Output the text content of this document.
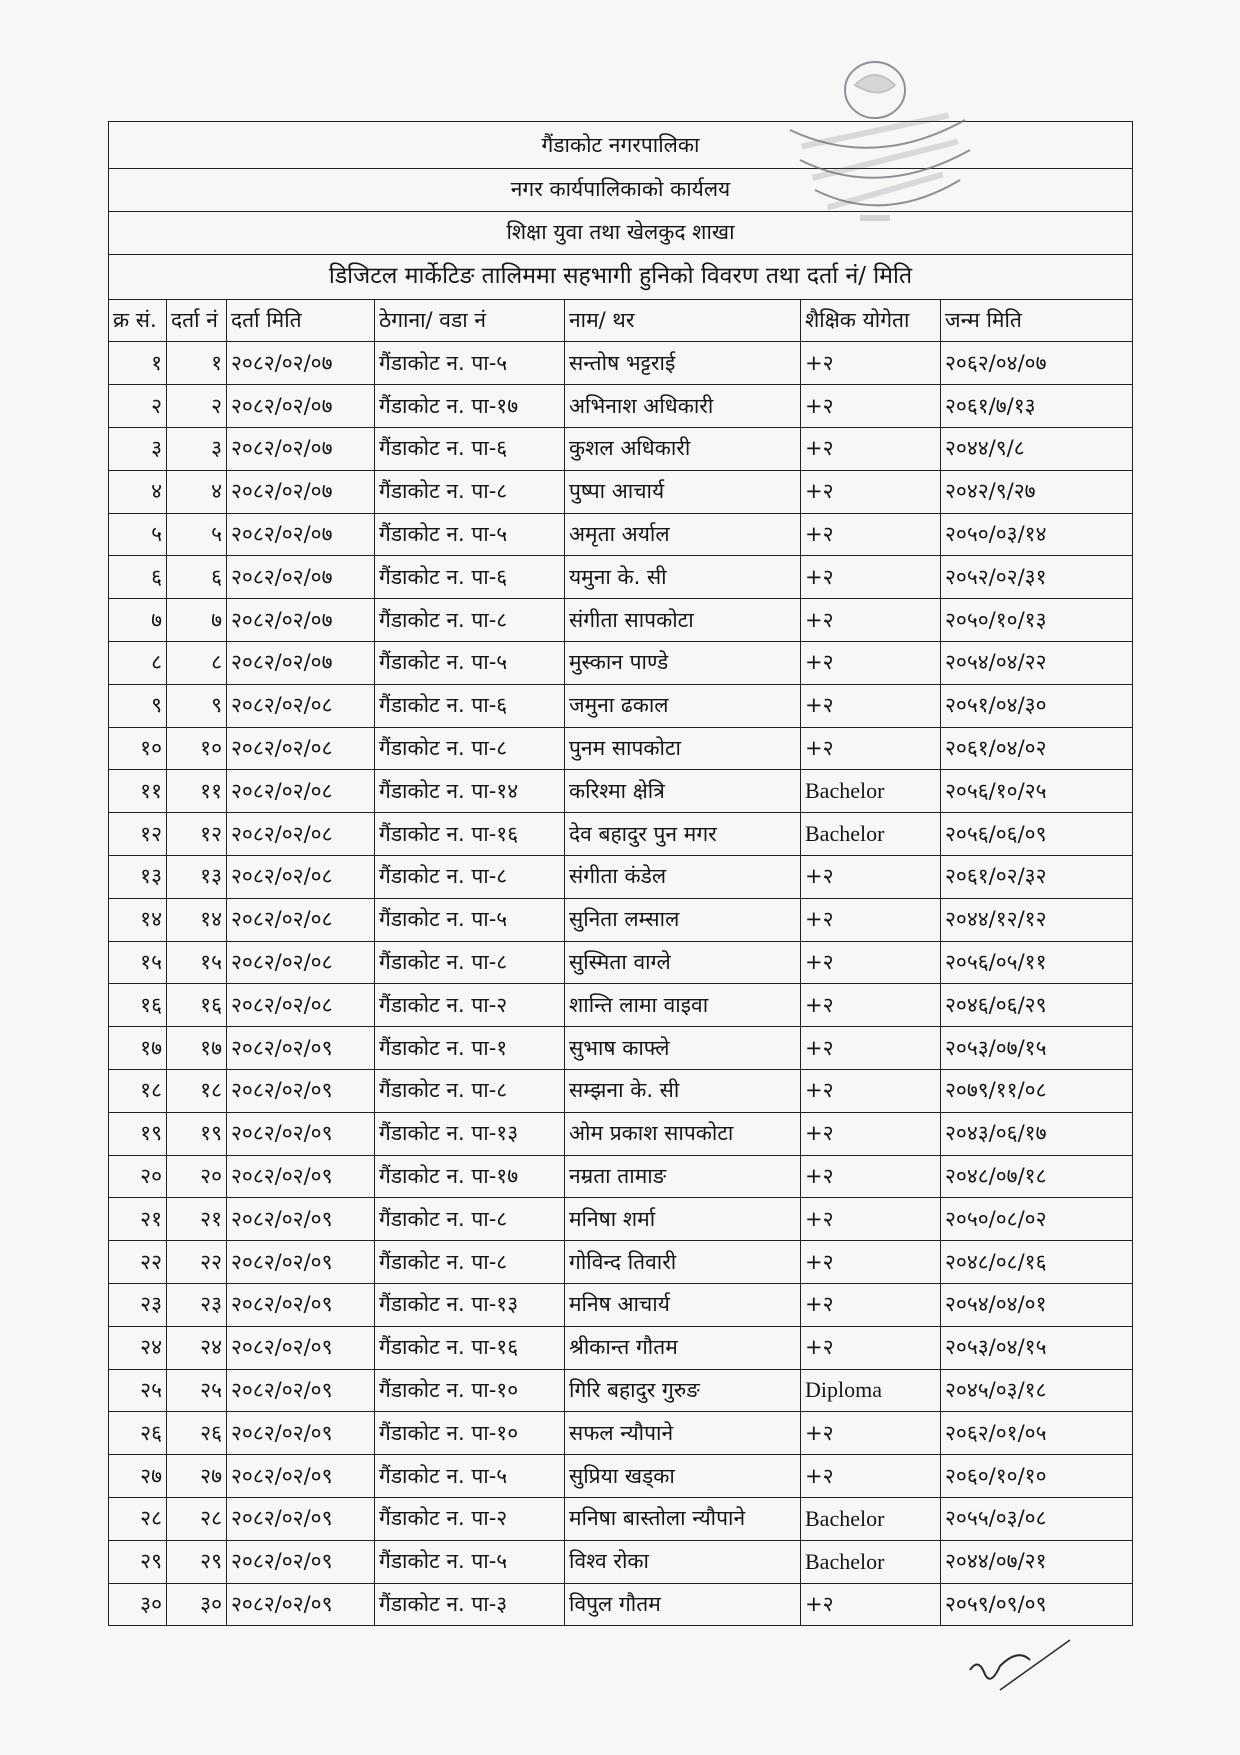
गैंडाकोट नगरपालिका						
नगर कार्यपालिकाको कार्यलय						
शिक्षा युवा तथा खेलकुद शाखा						
डिजिटल मार्केटिङ तालिममा सहभागी हुनिको विवरण तथा दर्ता नं/ मिति						
क्र सं.	दर्ता नं	दर्ता मिति	ठेगाना/ वडा नं	नाम/ थर	शैक्षिक योगेता	जन्म मिति
१	१	२०८२/०२/०७	गैंडाकोट न. पा-५	सन्तोष भट्टराई	+२	२०६२/०४/०७
२	२	२०८२/०२/०७	गैंडाकोट न. पा-१७	अभिनाश अधिकारी	+२	२०६१/७/१३
३	३	२०८२/०२/०७	गैंडाकोट न. पा-६	कुशल अधिकारी	+२	२०४४/९/८
४	४	२०८२/०२/०७	गैंडाकोट न. पा-८	पुष्पा आचार्य	+२	२०४२/९/२७
५	५	२०८२/०२/०७	गैंडाकोट न. पा-५	अमृता अर्याल	+२	२०५०/०३/१४
६	६	२०८२/०२/०७	गैंडाकोट न. पा-६	यमुना के. सी	+२	२०५२/०२/३१
७	७	२०८२/०२/०७	गैंडाकोट न. पा-८	संगीता सापकोटा	+२	२०५०/१०/१३
८	८	२०८२/०२/०७	गैंडाकोट न. पा-५	मुस्कान पाण्डे	+२	२०५४/०४/२२
९	९	२०८२/०२/०८	गैंडाकोट न. पा-६	जमुना ढकाल	+२	२०५१/०४/३०
१०	१०	२०८२/०२/०८	गैंडाकोट न. पा-८	पुनम सापकोटा	+२	२०६१/०४/०२
११	११	२०८२/०२/०८	गैंडाकोट न. पा-१४	करिश्मा क्षेत्रि	Bachelor	२०५६/१०/२५
१२	१२	२०८२/०२/०८	गैंडाकोट न. पा-१६	देव बहादुर पुन मगर	Bachelor	२०५६/०६/०९
१३	१३	२०८२/०२/०८	गैंडाकोट न. पा-८	संगीता कंडेल	+२	२०६१/०२/३२
१४	१४	२०८२/०२/०८	गैंडाकोट न. पा-५	सुनिता लम्साल	+२	२०४४/१२/१२
१५	१५	२०८२/०२/०८	गैंडाकोट न. पा-८	सुस्मिता वाग्ले	+२	२०५६/०५/११
१६	१६	२०८२/०२/०८	गैंडाकोट न. पा-२	शान्ति लामा वाइवा	+२	२०४६/०६/२९
१७	१७	२०८२/०२/०९	गैंडाकोट न. पा-१	सुभाष काफ्ले	+२	२०५३/०७/१५
१८	१८	२०८२/०२/०९	गैंडाकोट न. पा-८	सम्झना के. सी	+२	२०७९/११/०८
१९	१९	२०८२/०२/०९	गैंडाकोट न. पा-१३	ओम प्रकाश सापकोटा	+२	२०४३/०६/१७
२०	२०	२०८२/०२/०९	गैंडाकोट न. पा-१७	नम्रता तामाङ	+२	२०४८/०७/१८
२१	२१	२०८२/०२/०९	गैंडाकोट न. पा-८	मनिषा शर्मा	+२	२०५०/०८/०२
२२	२२	२०८२/०२/०९	गैंडाकोट न. पा-८	गोविन्द तिवारी	+२	२०४८/०८/१६
२३	२३	२०८२/०२/०९	गैंडाकोट न. पा-१३	मनिष आचार्य	+२	२०५४/०४/०१
२४	२४	२०८२/०२/०९	गैंडाकोट न. पा-१६	श्रीकान्त गौतम	+२	२०५३/०४/१५
२५	२५	२०८२/०२/०९	गैंडाकोट न. पा-१०	गिरि बहादुर गुरुङ	Diploma	२०४५/०३/१८
२६	२६	२०८२/०२/०९	गैंडाकोट न. पा-१०	सफल न्यौपाने	+२	२०६२/०१/०५
२७	२७	२०८२/०२/०९	गैंडाकोट न. पा-५	सुप्रिया खड्का	+२	२०६०/१०/१०
२८	२८	२०८२/०२/०९	गैंडाकोट न. पा-२	मनिषा बास्तोला न्यौपाने	Bachelor	२०५५/०३/०८
२९	२९	२०८२/०२/०९	गैंडाकोट न. पा-५	विश्व रोका	Bachelor	२०४४/०७/२१
३०	३०	२०८२/०२/०९	गैंडाकोट न. पा-३	विपुल गौतम	+२	२०५९/०९/०९
